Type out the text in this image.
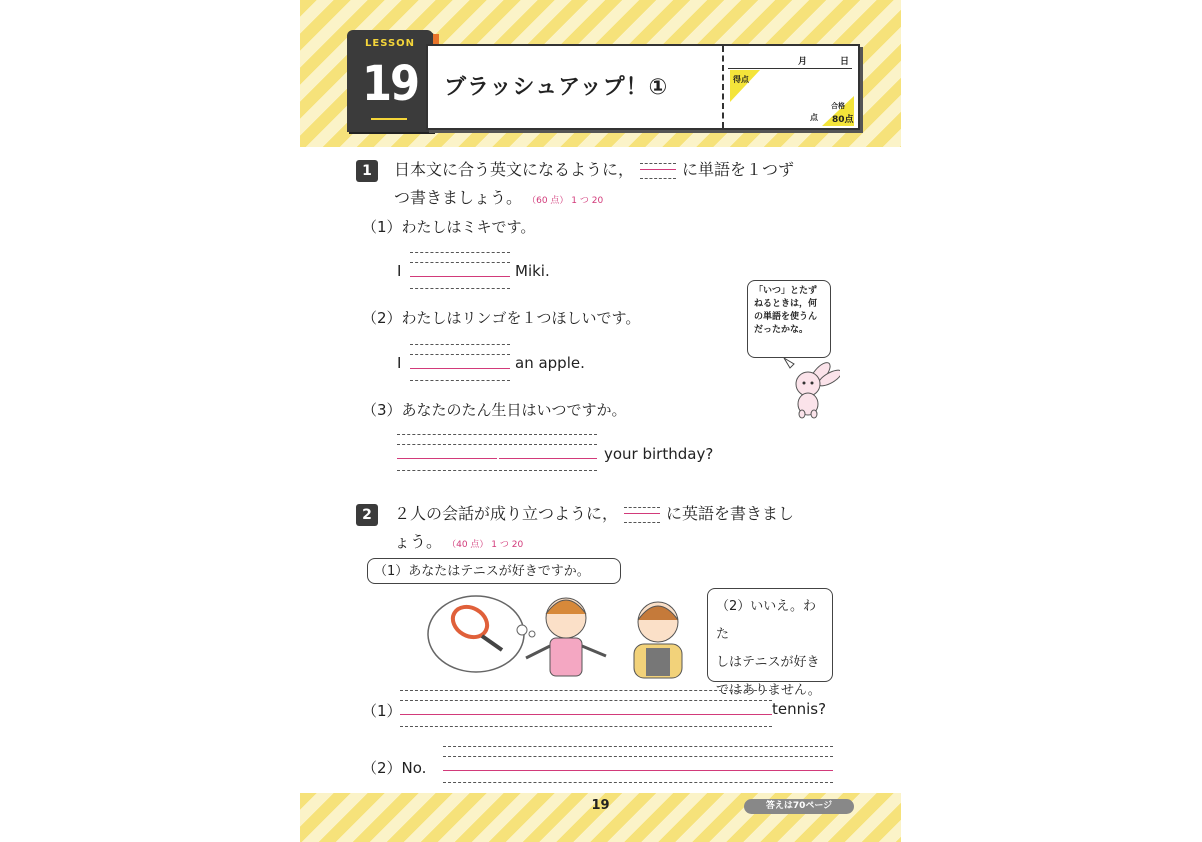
LESSON
19	ブラッシュアップ！①
月	日
得点
点
合格
80点
1	日本文に合う英文になるように，	に単語を１つず
つ書きましょう。 （60 点） 1 つ 20
（1）わたしはミキです。
I	Miki.
（2）わたしはリンゴを１つほしいです。
I	an apple.
（3）あなたのたん生日はいつですか。
your birthday?
「いつ」とたずねるときは，何の単語を使うんだったかな。
2	２人の会話が成り立つように，	に英語を書きまし
ょう。 （40 点） 1 つ 20
（1）あなたはテニスが好きですか。
（2）いいえ。わた
しはテニスが好き
ではありません。
（1）	tennis?
（2）No.
19	答えは70ページ
